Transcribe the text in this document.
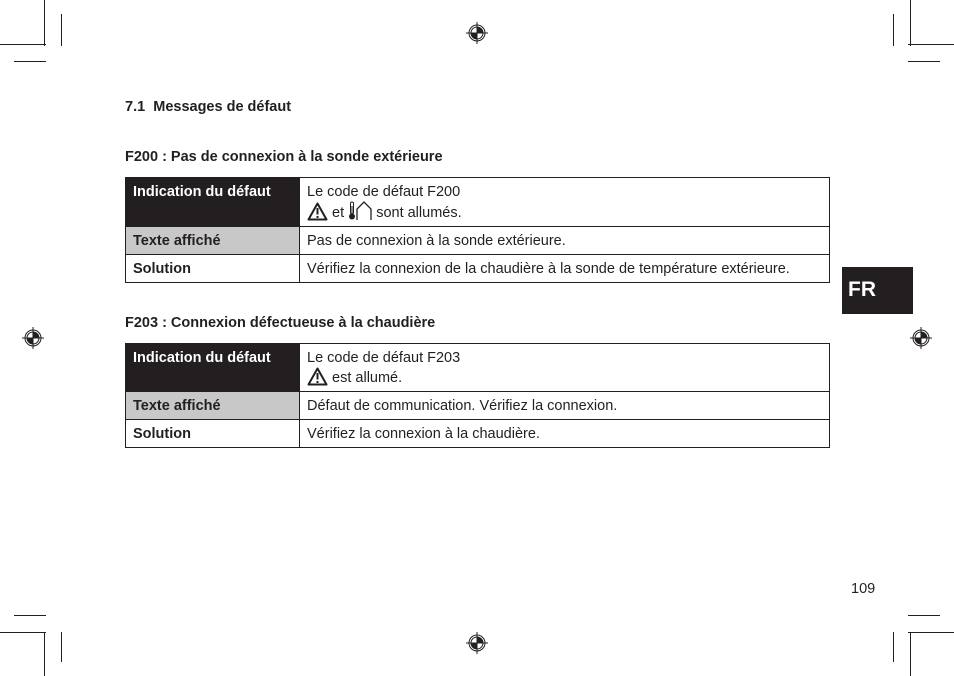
7.1 Messages de défaut
F200 : Pas de connexion à la sonde extérieure
Indication du défaut	Le code de défaut F200
et sont allumés.

Texte affiché	Pas de connexion à la sonde extérieure.
Solution	Vérifiez la connexion de la chaudière à la sonde de température extérieure.
F203 : Connexion défectueuse à la chaudière
Indication du défaut	Le code de défaut F203
est allumé.

Texte affiché	Défaut de communication. Vérifiez la connexion.
Solution	Vérifiez la connexion à la chaudière.
FR
109
